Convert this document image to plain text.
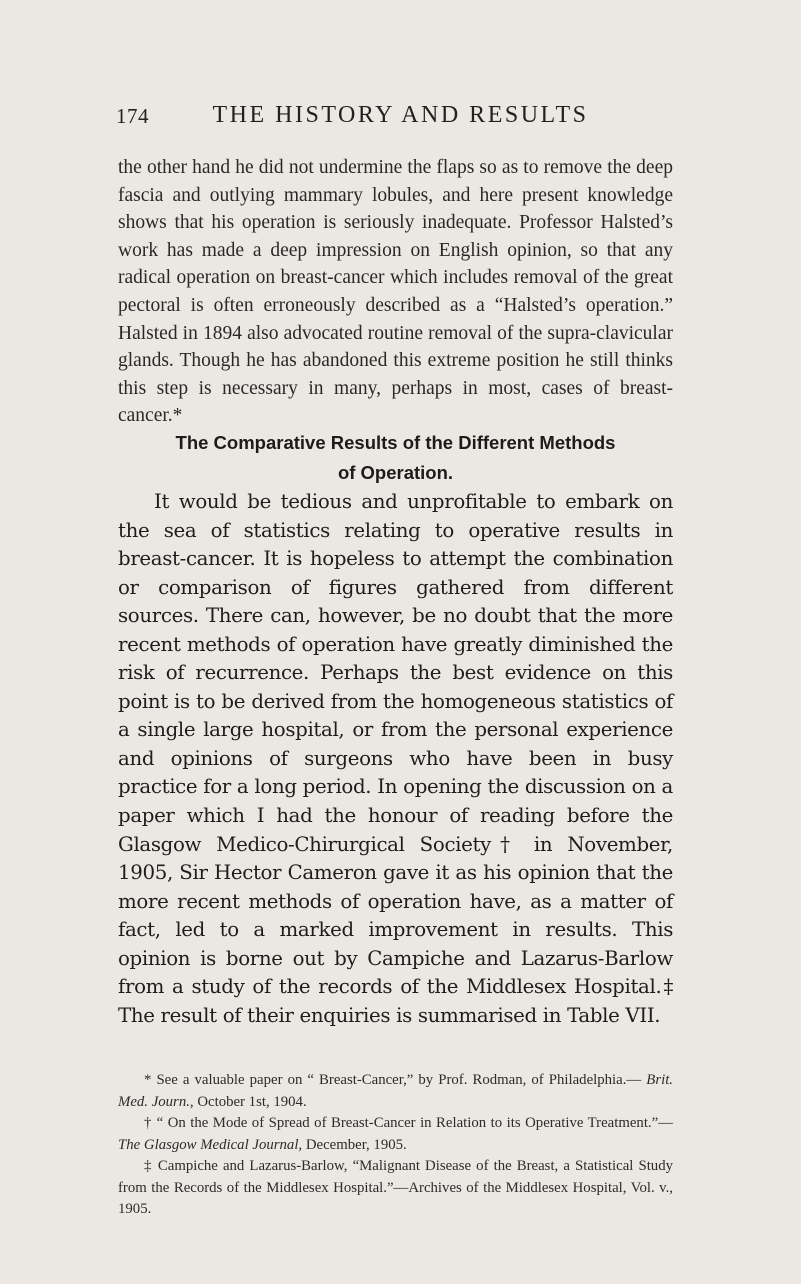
174	THE HISTORY AND RESULTS
the other hand he did not undermine the flaps so as to remove the deep fascia and outlying mammary lobules, and here present knowledge shows that his operation is seriously inadequate. Professor Halsted’s work has made a deep impression on English opinion, so that any radical operation on breast-cancer which includes removal of the great pectoral is often erroneously described as a “Halsted’s operation.” Halsted in 1894 also advocated routine removal of the supra-clavicular glands. Though he has abandoned this extreme position he still thinks this step is necessary in many, perhaps in most, cases of breast-cancer.*
The Comparative Results of the Different Methods
of Operation.
It would be tedious and unprofitable to embark on the sea of statistics relating to operative results in breast-cancer. It is hopeless to attempt the combination or comparison of figures gathered from different sources. There can, however, be no doubt that the more recent methods of operation have greatly diminished the risk of recurrence. Perhaps the best evidence on this point is to be derived from the homogeneous statistics of a single large hospital, or from the personal experience and opinions of surgeons who have been in busy practice for a long period. In opening the discussion on a paper which I had the honour of reading before the Glasgow Medico-Chirurgical Society† in November, 1905, Sir Hector Cameron gave it as his opinion that the more recent methods of operation have, as a matter of fact, led to a marked improvement in results. This opinion is borne out by Campiche and Lazarus-Barlow from a study of the records of the Middlesex Hospital.‡ The result of their enquiries is summarised in Table VII.

* See a valuable paper on “ Breast-Cancer,” by Prof. Rodman, of Philadelphia.— Brit. Med. Journ., October 1st, 1904.

† “ On the Mode of Spread of Breast-Cancer in Relation to its Operative Treatment.”—The Glasgow Medical Journal, December, 1905.

‡ Campiche and Lazarus-Barlow, “Malignant Disease of the Breast, a Statistical Study from the Records of the Middlesex Hospital.”—Archives of the Middlesex Hospital, Vol. v., 1905.
